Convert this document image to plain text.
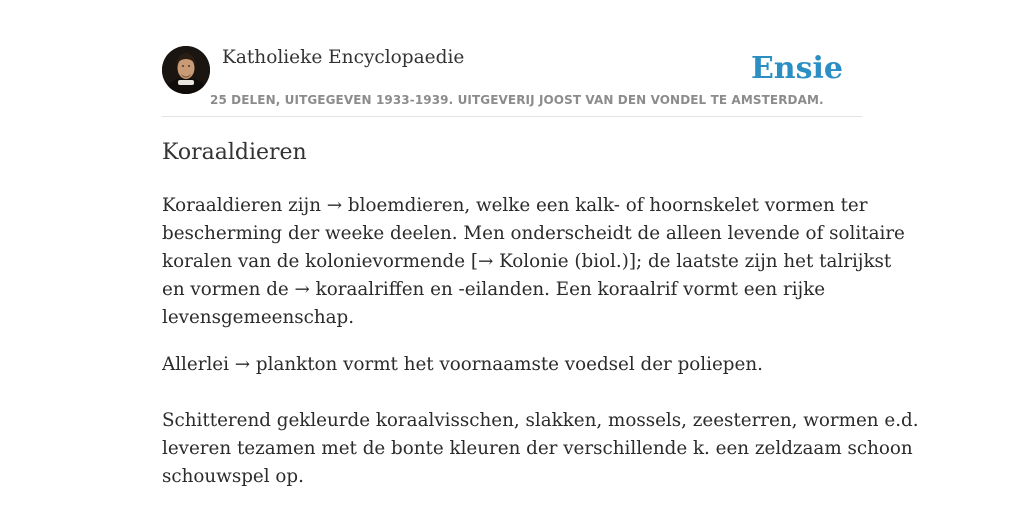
Katholieke Encyclopaedie
25 DELEN, UITGEGEVEN 1933-1939. UITGEVERIJ JOOST VAN DEN VONDEL TE AMSTERDAM.
Ensie
Koraaldieren

Koraaldieren zijn → bloemdieren, welke een kalk- of hoornskelet vormen ter
bescherming der weeke deelen. Men onderscheidt de alleen levende of solitaire
koralen van de kolonievormende [→ Kolonie (biol.)]; de laatste zijn het talrijkst
en vormen de → koraalriffen en -eilanden. Een koraalrif vormt een rijke
levensgemeenschap.

Allerlei → plankton vormt het voornaamste voedsel der poliepen.

Schitterend gekleurde koraalvisschen, slakken, mossels, zeesterren, wormen e.d.
leveren tezamen met de bonte kleuren der verschillende k. een zeldzaam schoon
schouwspel op.
